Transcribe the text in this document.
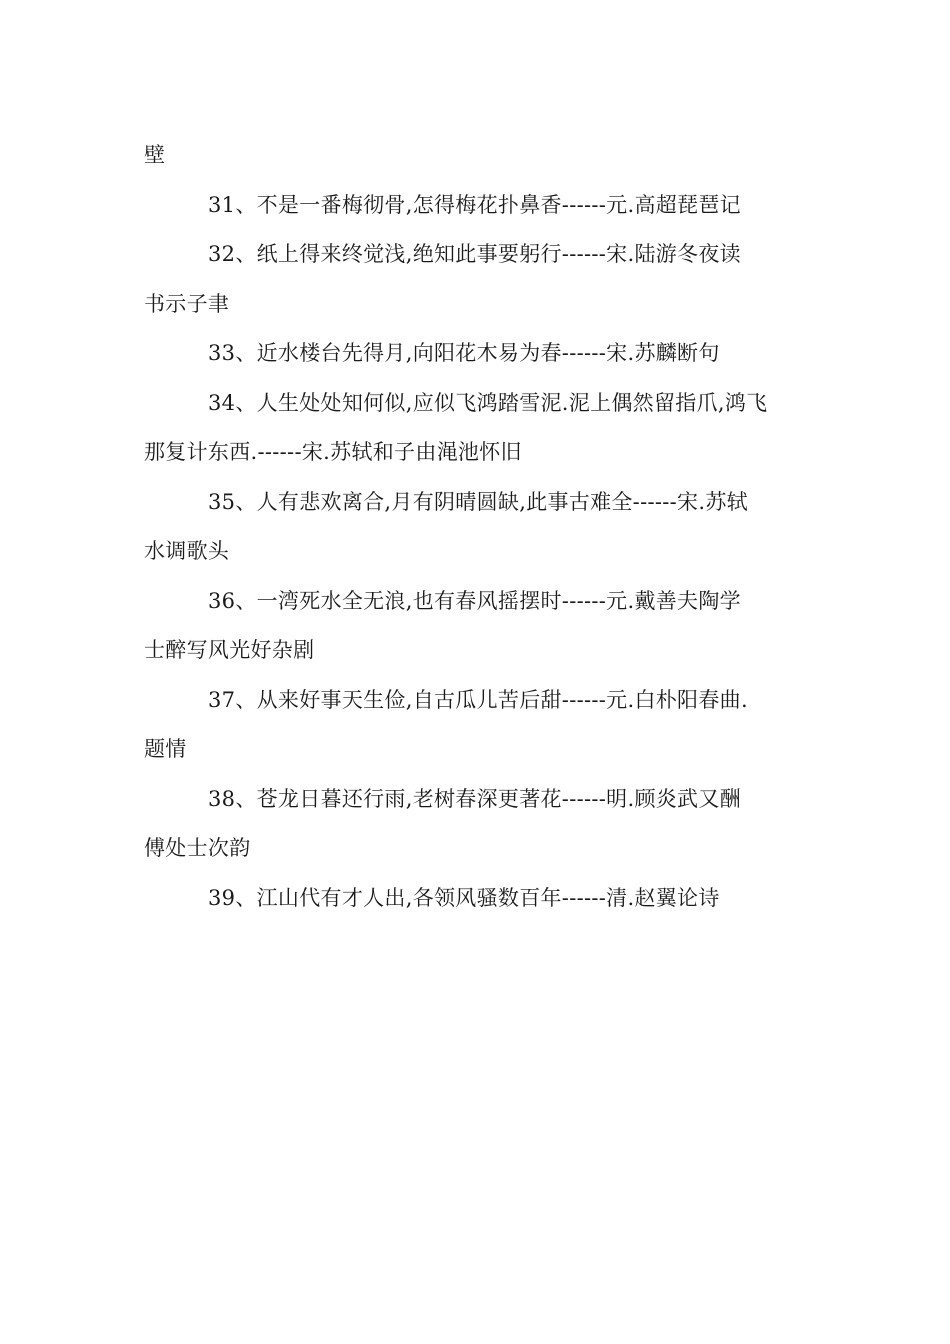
壁
31、不是一番梅彻骨,怎得梅花扑鼻香------元.高超琵琶记
32、纸上得来终觉浅,绝知此事要躬行------宋.陆游冬夜读
书示子聿
33、近水楼台先得月,向阳花木易为春------宋.苏麟断句
34、人生处处知何似,应似飞鸿踏雪泥.泥上偶然留指爪,鸿飞
那复计东西.------宋.苏轼和子由渑池怀旧
35、人有悲欢离合,月有阴晴圆缺,此事古难全------宋.苏轼
水调歌头
36、一湾死水全无浪,也有春风摇摆时------元.戴善夫陶学
士醉写风光好杂剧
37、从来好事天生俭,自古瓜儿苦后甜------元.白朴阳春曲.
题情
38、苍龙日暮还行雨,老树春深更著花------明.顾炎武又酬
傅处士次韵
39、江山代有才人出,各领风骚数百年------清.赵翼论诗
